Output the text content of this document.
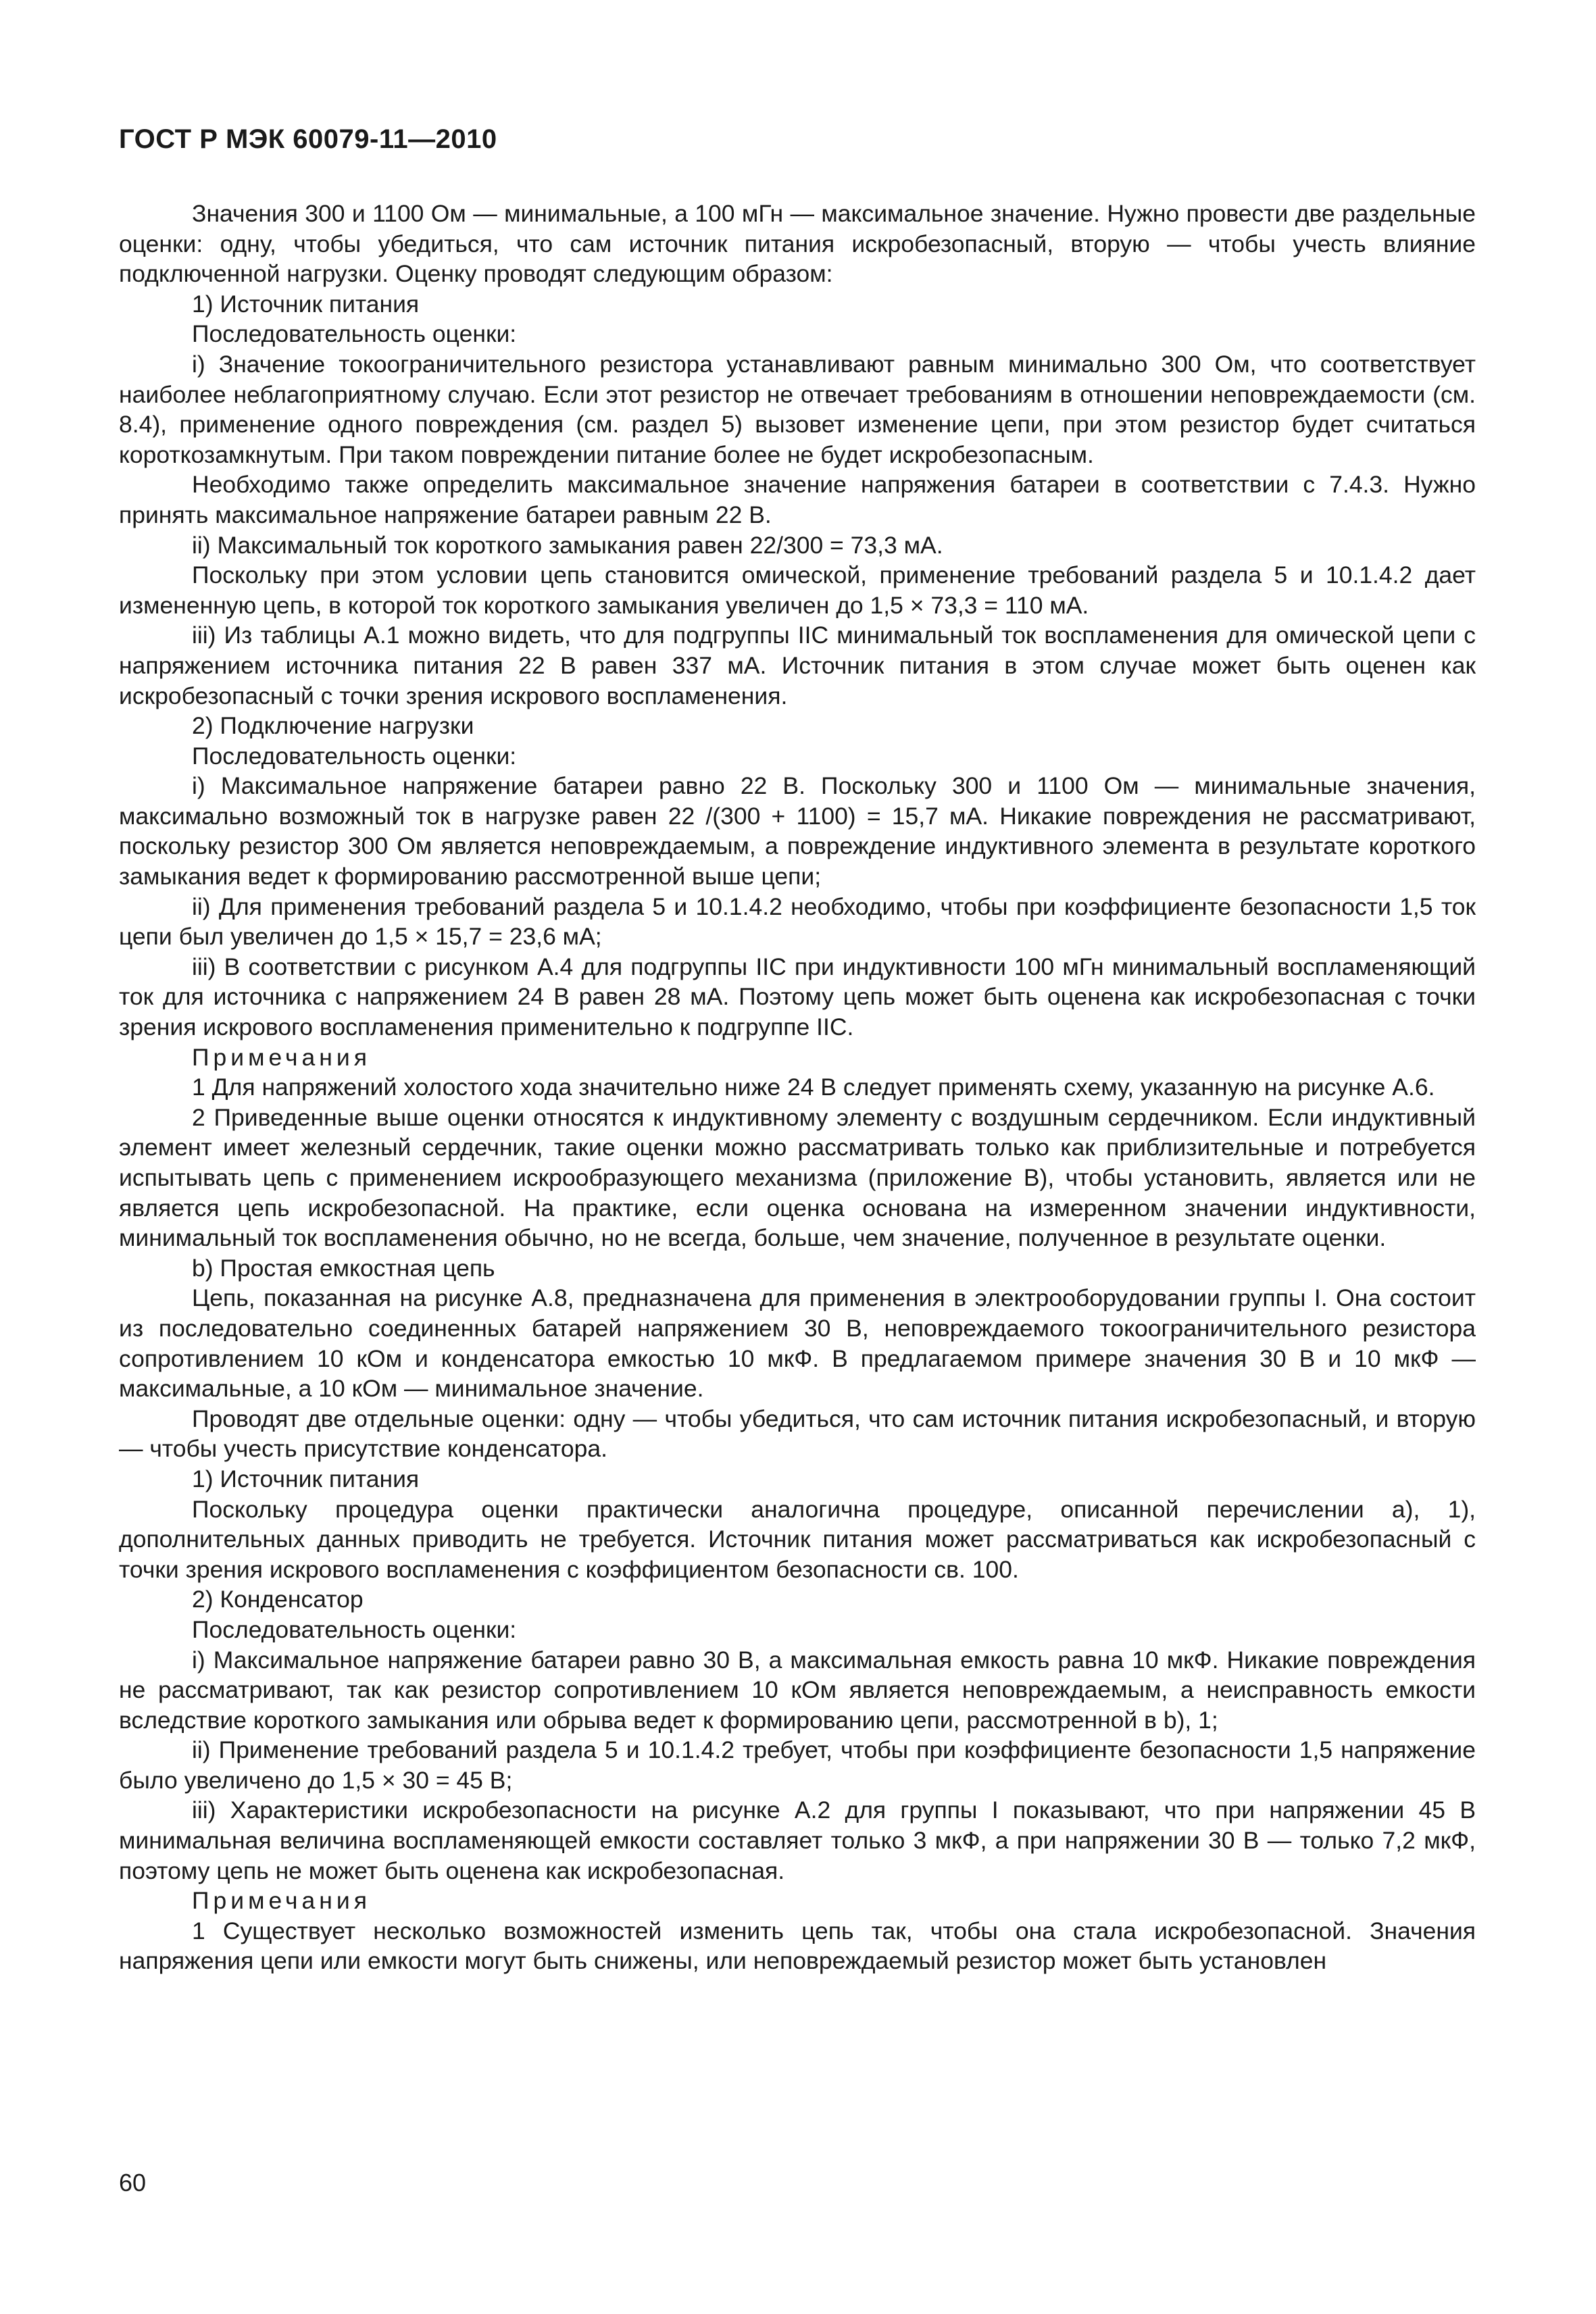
ГОСТ Р МЭК 60079-11—2010

Значения 300 и 1100 Ом — минимальные, а 100 мГн — максимальное значение. Нужно провести две раздельные оценки: одну, чтобы убедиться, что сам источник питания искробезопасный, вторую — чтобы учесть влияние подключенной нагрузки. Оценку проводят следующим образом:

1) Источник питания

Последовательность оценки:

i) Значение токоограничительного резистора устанавливают равным минимально 300 Ом, что соответствует наиболее неблагоприятному случаю. Если этот резистор не отвечает требованиям в отношении неповреждаемости (см. 8.4), применение одного повреждения (см. раздел 5) вызовет изменение цепи, при этом резистор будет считаться короткозамкнутым. При таком повреждении питание более не будет искробезопасным.

Необходимо также определить максимальное значение напряжения батареи в соответствии с 7.4.3. Нужно принять максимальное напряжение батареи равным 22 В.

ii) Максимальный ток короткого замыкания равен 22/300 = 73,3 мА.

Поскольку при этом условии цепь становится омической, применение требований раздела 5 и 10.1.4.2 дает измененную цепь, в которой ток короткого замыкания увеличен до 1,5 × 73,3 = 110 мА.

iii) Из таблицы А.1 можно видеть, что для подгруппы IIC минимальный ток воспламенения для омической цепи с напряжением источника питания 22 В равен 337 мА. Источник питания в этом случае может быть оценен как искробезопасный с точки зрения искрового воспламенения.

2) Подключение нагрузки

Последовательность оценки:

i) Максимальное напряжение батареи равно 22 В. Поскольку 300 и 1100 Ом — минимальные значения, максимально возможный ток в нагрузке равен 22 /(300 + 1100) = 15,7 мА. Никакие повреждения не рассматривают, поскольку резистор 300 Ом является неповреждаемым, а повреждение индуктивного элемента в результате короткого замыкания ведет к формированию рассмотренной выше цепи;

ii) Для применения требований раздела 5 и 10.1.4.2 необходимо, чтобы при коэффициенте безопасности 1,5 ток цепи был увеличен до 1,5 × 15,7 = 23,6 мА;

iii) В соответствии с рисунком А.4 для подгруппы IIC при индуктивности 100 мГн минимальный воспламеняющий ток для источника с напряжением 24 В равен 28 мА. Поэтому цепь может быть оценена как искробезопасная с точки зрения искрового воспламенения применительно к подгруппе IIC.

Примечания

1 Для напряжений холостого хода значительно ниже 24 В следует применять схему, указанную на рисунке А.6.

2 Приведенные выше оценки относятся к индуктивному элементу с воздушным сердечником. Если индуктивный элемент имеет железный сердечник, такие оценки можно рассматривать только как приблизительные и потребуется испытывать цепь с применением искрообразующего механизма (приложение В), чтобы установить, является или не является цепь искробезопасной. На практике, если оценка основана на измеренном значении индуктивности, минимальный ток воспламенения обычно, но не всегда, больше, чем значение, полученное в результате оценки.

b) Простая емкостная цепь

Цепь, показанная на рисунке А.8, предназначена для применения в электрооборудовании группы I. Она состоит из последовательно соединенных батарей напряжением 30 В, неповреждаемого токоограничительного резистора сопротивлением 10 кОм и конденсатора емкостью 10 мкФ. В предлагаемом примере значения 30 В и 10 мкФ — максимальные, а 10 кОм — минимальное значение.

Проводят две отдельные оценки: одну — чтобы убедиться, что сам источник питания искробезопасный, и вторую — чтобы учесть присутствие конденсатора.

1) Источник питания

Поскольку процедура оценки практически аналогична процедуре, описанной перечислении а), 1), дополнительных данных приводить не требуется. Источник питания может рассматриваться как искробезопасный с точки зрения искрового воспламенения с коэффициентом безопасности св. 100.

2) Конденсатор

Последовательность оценки:

i) Максимальное напряжение батареи равно 30 В, а максимальная емкость равна 10 мкФ. Никакие повреждения не рассматривают, так как резистор сопротивлением 10 кОм является неповреждаемым, а неисправность емкости вследствие короткого замыкания или обрыва ведет к формированию цепи, рассмотренной в b), 1;

ii) Применение требований раздела 5 и 10.1.4.2 требует, чтобы при коэффициенте безопасности 1,5 напряжение было увеличено до 1,5 × 30 = 45 В;

iii) Характеристики искробезопасности на рисунке А.2 для группы I показывают, что при напряжении 45 В минимальная величина воспламеняющей емкости составляет только 3 мкФ, а при напряжении 30 В — только 7,2 мкФ, поэтому цепь не может быть оценена как искробезопасная.

Примечания

1 Существует несколько возможностей изменить цепь так, чтобы она стала искробезопасной. Значения напряжения цепи или емкости могут быть снижены, или неповреждаемый резистор может быть установлен

60
